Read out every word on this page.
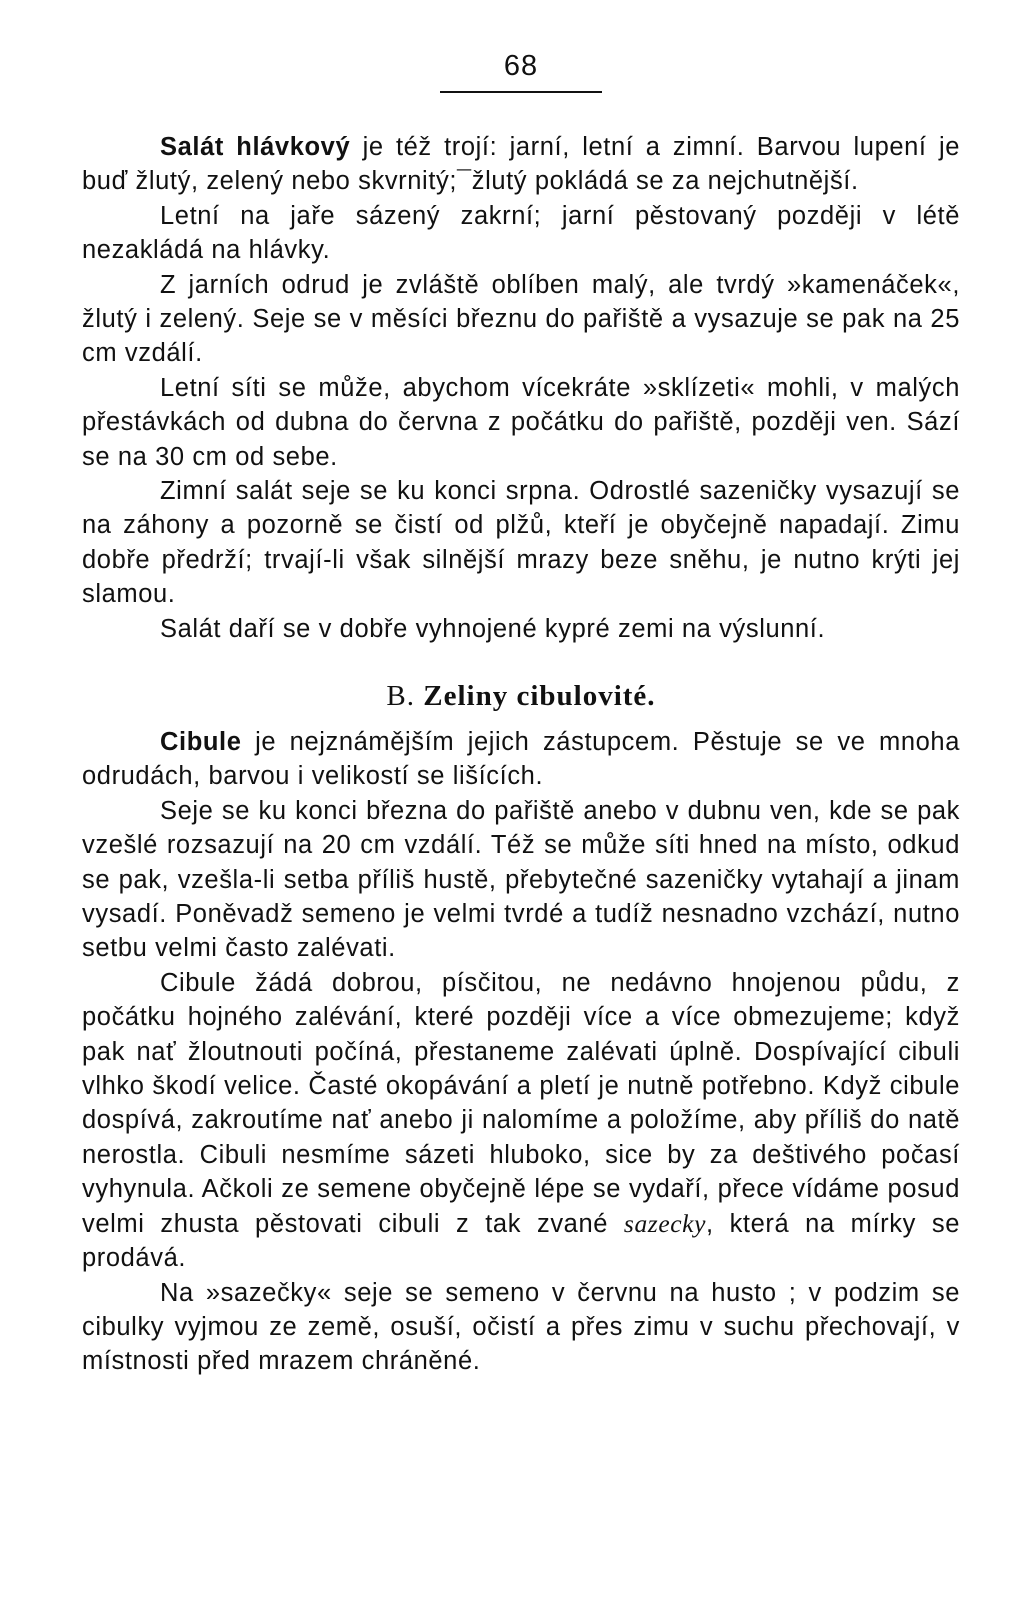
68

Salát hlávkový je též trojí: jarní, letní a zimní. Barvou lupení je buď žlutý, zelený nebo skvrnitý;¯žlutý pokládá se za nejchutnější.

Letní na jaře sázený zakrní; jarní pěstovaný později v létě nezakládá na hlávky.

Z jarních odrud je zvláště oblíben malý, ale tvrdý »kamenáček«, žlutý i zelený. Seje se v měsíci březnu do pařiště a vysazuje se pak na 25 cm vzdálí.

Letní síti se může, abychom vícekráte »sklízeti« mohli, v malých přestávkách od dubna do června z počátku do pařiště, později ven. Sází se na 30 cm od sebe.

Zimní salát seje se ku konci srpna. Odrostlé sazeničky vysazují se na záhony a pozorně se čistí od plžů, kteří je obyčejně napadají. Zimu dobře předrží; trvají-li však silnější mrazy beze sněhu, je nutno krýti jej slamou.

Salát daří se v dobře vyhnojené kypré zemi na výslunní.

B. Zeliny cibulovité.

Cibule je nejznámějším jejich zástupcem. Pěstuje se ve mnoha odrudách, barvou i velikostí se lišících.

Seje se ku konci března do pařiště anebo v dubnu ven, kde se pak vzešlé rozsazují na 20 cm vzdálí. Též se může síti hned na místo, odkud se pak, vzešla-li setba příliš hustě, přebytečné sazeničky vytahají a jinam vysadí. Poněvadž semeno je velmi tvrdé a tudíž nesnadno vzchází, nutno setbu velmi často zalévati.

Cibule žádá dobrou, písčitou, ne nedávno hnojenou půdu, z počátku hojného zalévání, které později více a více obmezujeme; když pak nať žloutnouti počíná, přestaneme zalévati úplně. Dospívající cibuli vlhko škodí velice. Časté okopávání a pletí je nutně potřebno. Když cibule dospívá, zakroutíme nať anebo ji nalomíme a položíme, aby příliš do natě nerostla. Cibuli nesmíme sázeti hluboko, sice by za deštivého počasí vyhynula. Ačkoli ze semene obyčejně lépe se vydaří, přece vídáme posud velmi zhusta pěstovati cibuli z tak zvané sazecky, která na mírky se prodává.

Na »sazečky« seje se semeno v červnu na husto ; v podzim se cibulky vyjmou ze země, osuší, očistí a přes zimu v suchu přechovají, v místnosti před mrazem chráněné.
